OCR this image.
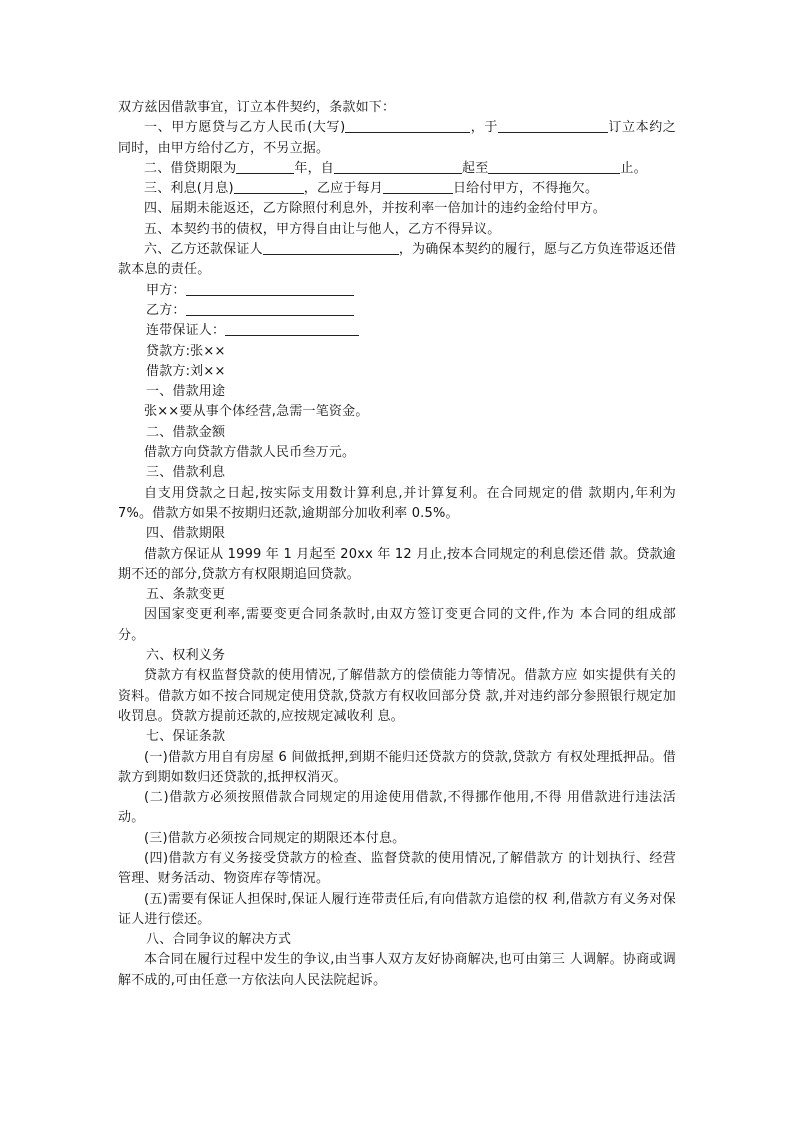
双方兹因借款事宜，订立本件契约，条款如下：

一、甲方愿贷与乙方人民币(大写)	，于	订立本约之同时，由甲方给付乙方，不另立据。

二、借贷期限为	年，自	起至	止。

三、利息(月息)	，乙应于每月	日给付甲方，不得拖欠。

四、届期未能返还，乙方除照付利息外，并按利率一倍加计的违约金给付甲方。

五、本契约书的债权，甲方得自由让与他人，乙方不得异议。

六、乙方还款保证人	，为确保本契约的履行，愿与乙方负连带返还借款本息的责任。

甲方：

乙方：

连带保证人：

贷款方:张××

借款方:刘××

一、借款用途

张××要从事个体经营,急需一笔资金。

二、借款金额

借款方向贷款方借款人民币叁万元。

三、借款利息

自支用贷款之日起,按实际支用数计算利息,并计算复利。在合同规定的借 款期内,年利为 7%。借款方如果不按期归还款,逾期部分加收利率 0.5%。

四、借款期限

借款方保证从 1999 年 1 月起至 20xx 年 12 月止,按本合同规定的利息偿还借 款。贷款逾期不还的部分,贷款方有权限期追回贷款。

五、条款变更

因国家变更利率,需要变更合同条款时,由双方签订变更合同的文件,作为 本合同的组成部分。

六、权利义务

贷款方有权监督贷款的使用情况,了解借款方的偿债能力等情况。借款方应 如实提供有关的资料。借款方如不按合同规定使用贷款,贷款方有权收回部分贷 款,并对违约部分参照银行规定加收罚息。贷款方提前还款的,应按规定减收利 息。

七、保证条款

(一)借款方用自有房屋 6 间做抵押,到期不能归还贷款方的贷款,贷款方 有权处理抵押品。借款方到期如数归还贷款的,抵押权消灭。

(二)借款方必须按照借款合同规定的用途使用借款,不得挪作他用,不得 用借款进行违法活动。

(三)借款方必须按合同规定的期限还本付息。

(四)借款方有义务接受贷款方的检查、监督贷款的使用情况,了解借款方 的计划执行、经营管理、财务活动、物资库存等情况。

(五)需要有保证人担保时,保证人履行连带责任后,有向借款方追偿的权 利,借款方有义务对保证人进行偿还。

八、合同争议的解决方式

本合同在履行过程中发生的争议,由当事人双方友好协商解决,也可由第三 人调解。协商或调解不成的,可由任意一方依法向人民法院起诉。
